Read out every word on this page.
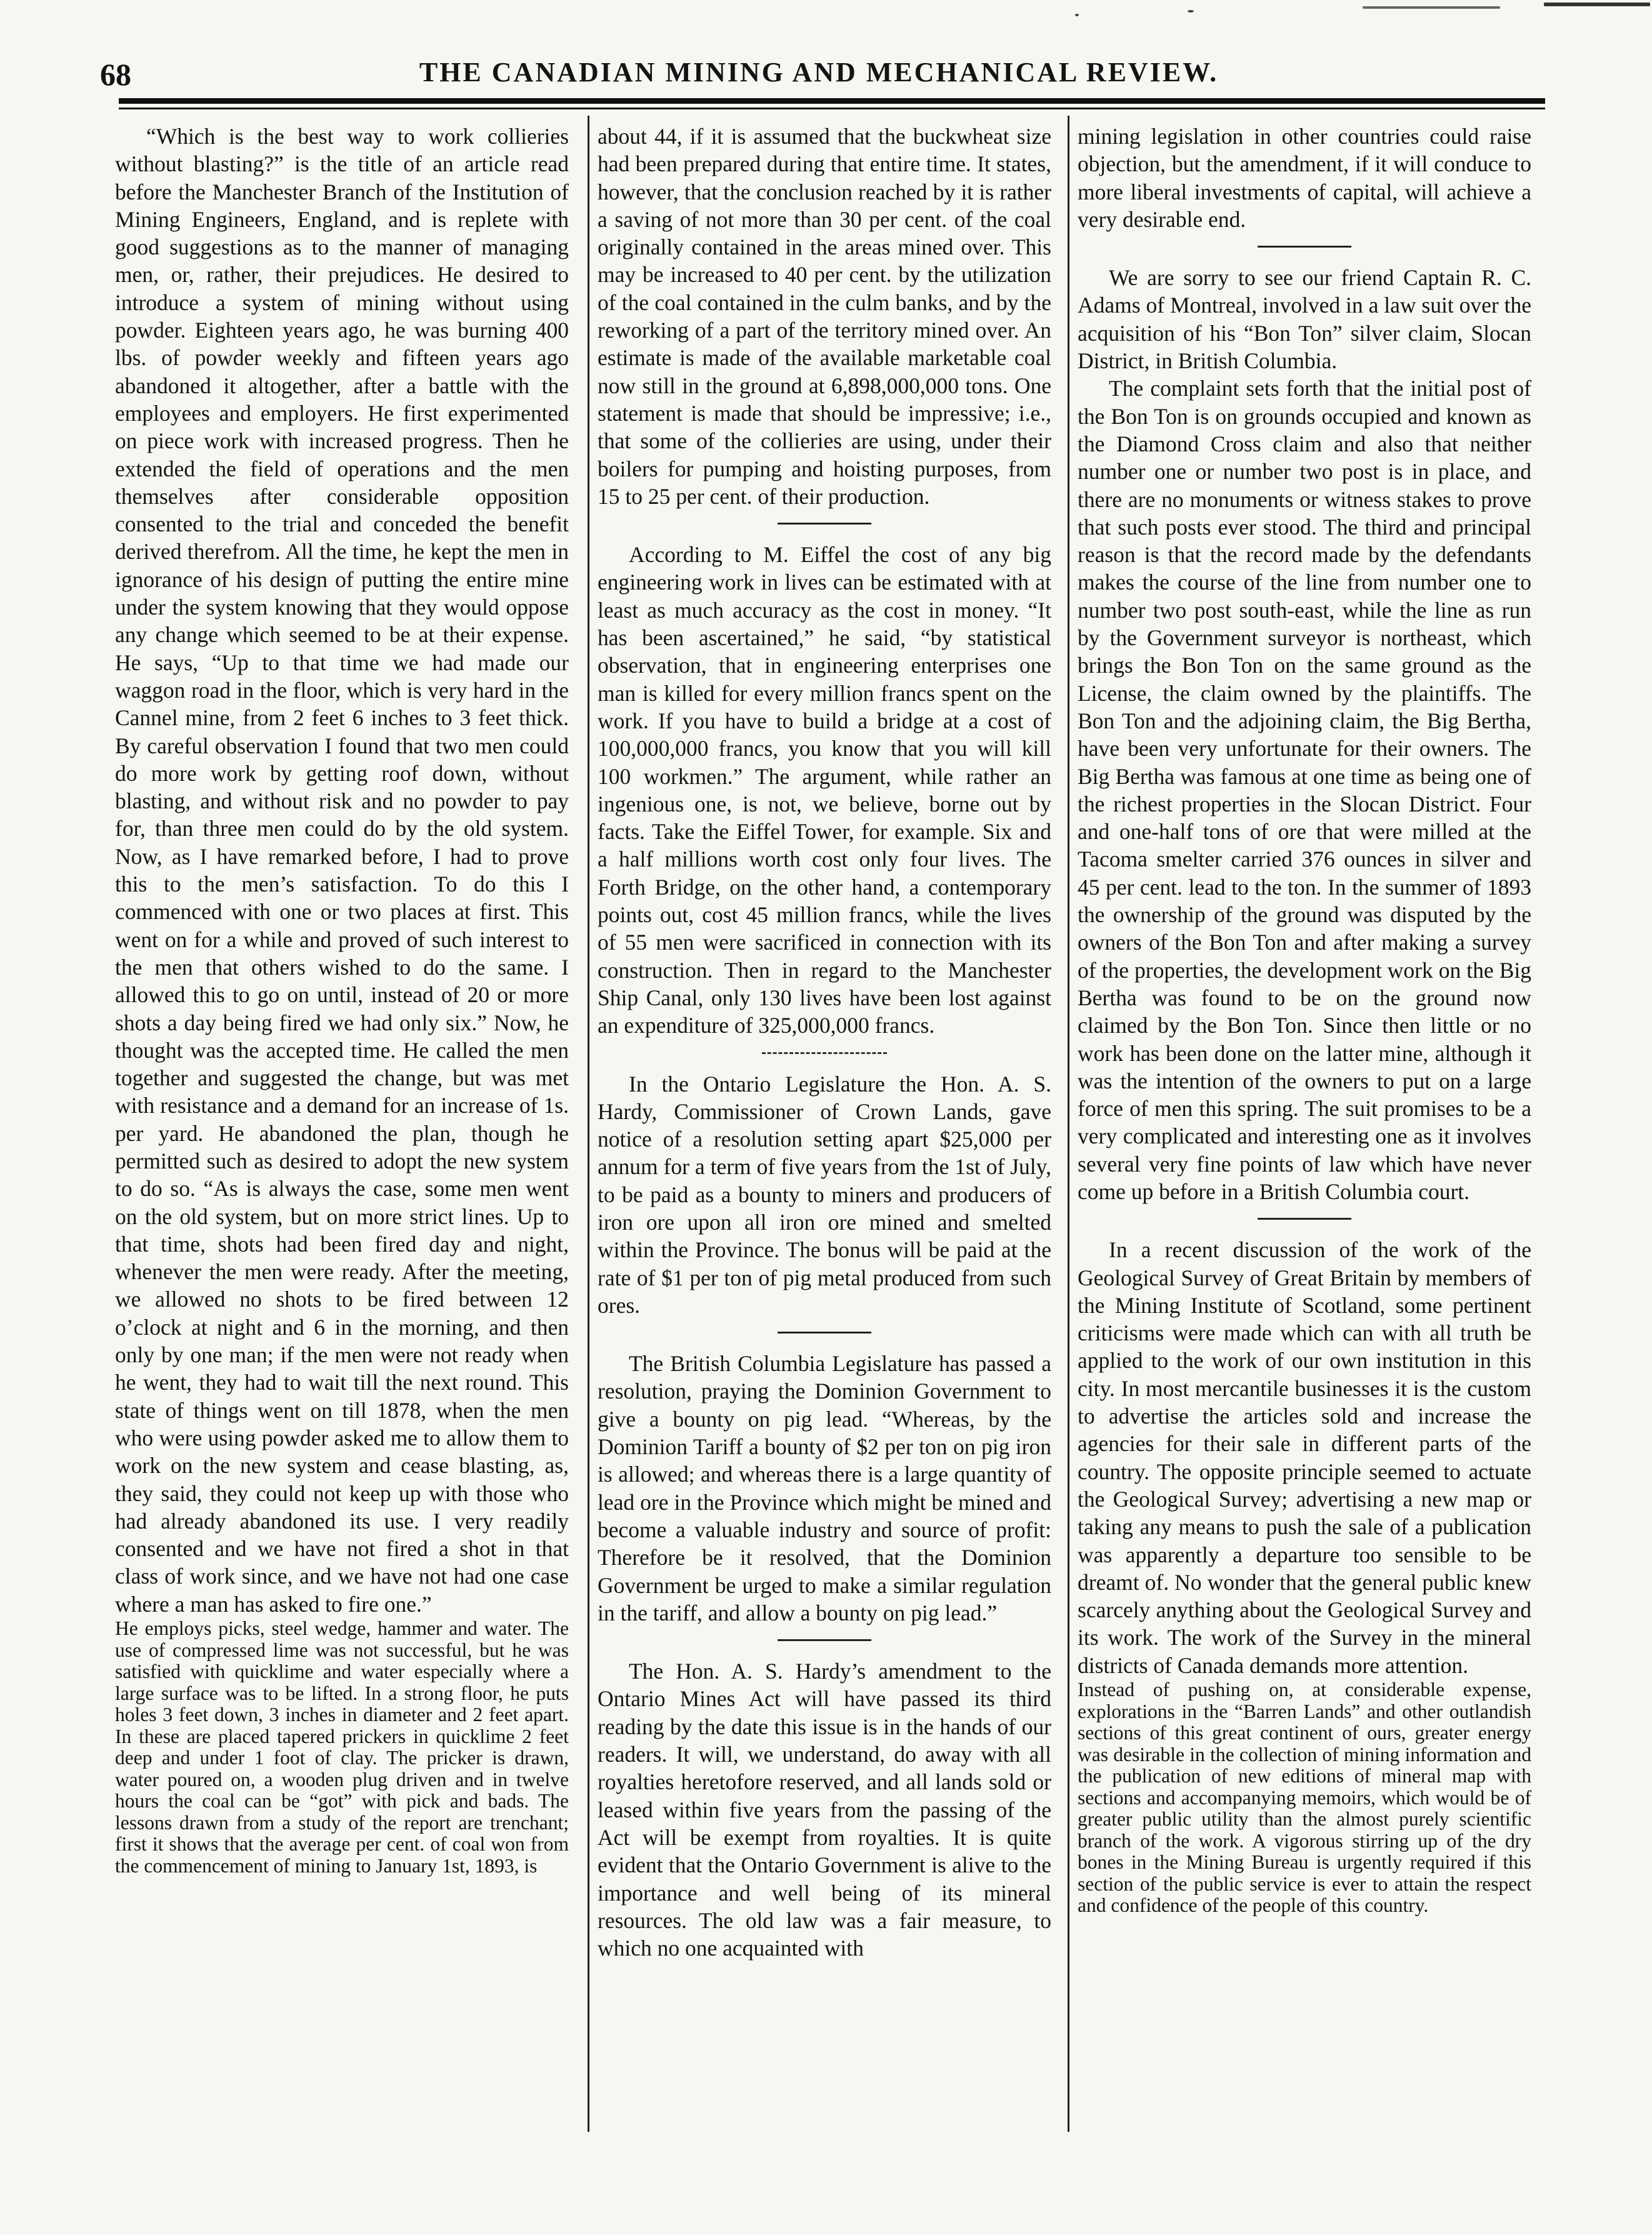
68	THE CANADIAN MINING AND MECHANICAL REVIEW.

“Which is the best way to work collieries without blasting?” is the title of an article read before the Manchester Branch of the Institution of Mining Engineers, England, and is replete with good suggestions as to the manner of managing men, or, rather, their prejudices. He desired to introduce a system of mining without using powder. Eighteen years ago, he was burning 400 lbs. of powder weekly and fifteen years ago abandoned it altogether, after a battle with the employees and employers. He first experimented on piece work with increased progress. Then he extended the field of operations and the men themselves after considerable opposition consented to the trial and conceded the benefit derived therefrom. All the time, he kept the men in ignorance of his design of putting the entire mine under the system knowing that they would oppose any change which seemed to be at their expense. He says, “Up to that time we had made our waggon road in the floor, which is very hard in the Cannel mine, from 2 feet 6 inches to 3 feet thick. By careful observation I found that two men could do more work by getting roof down, without blasting, and without risk and no powder to pay for, than three men could do by the old system. Now, as I have remarked before, I had to prove this to the men’s satisfaction. To do this I commenced with one or two places at first. This went on for a while and proved of such interest to the men that others wished to do the same. I allowed this to go on until, instead of 20 or more shots a day being fired we had only six.” Now, he thought was the accepted time. He called the men together and suggested the change, but was met with resistance and a demand for an increase of 1s. per yard. He abandoned the plan, though he permitted such as desired to adopt the new system to do so. “As is always the case, some men went on the old system, but on more strict lines. Up to that time, shots had been fired day and night, whenever the men were ready. After the meeting, we allowed no shots to be fired between 12 o’clock at night and 6 in the morning, and then only by one man; if the men were not ready when he went, they had to wait till the next round. This state of things went on till 1878, when the men who were using powder asked me to allow them to work on the new system and cease blasting, as, they said, they could not keep up with those who had already abandoned its use. I very readily consented and we have not fired a shot in that class of work since, and we have not had one case where a man has asked to fire one.”

He employs picks, steel wedge, hammer and water. The use of compressed lime was not successful, but he was satisfied with quicklime and water especially where a large surface was to be lifted. In a strong floor, he puts holes 3 feet down, 3 inches in diameter and 2 feet apart. In these are placed tapered prickers in quicklime 2 feet deep and under 1 foot of clay. The pricker is drawn, water poured on, a wooden plug driven and in twelve hours the coal can be “got” with pick and bads. The lessons drawn from a study of the report are trenchant; first it shows that the average per cent. of coal won from the commencement of mining to January 1st, 1893, is

about 44, if it is assumed that the buckwheat size had been prepared during that entire time. It states, however, that the conclusion reached by it is rather a saving of not more than 30 per cent. of the coal originally contained in the areas mined over. This may be increased to 40 per cent. by the utilization of the coal contained in the culm banks, and by the reworking of a part of the territory mined over. An estimate is made of the available marketable coal now still in the ground at 6,898,000,000 tons. One statement is made that should be impressive; i.e., that some of the collieries are using, under their boilers for pumping and hoisting purposes, from 15 to 25 per cent. of their production.

According to M. Eiffel the cost of any big engineering work in lives can be estimated with at least as much accuracy as the cost in money. “It has been ascertained,” he said, “by statistical observation, that in engineering enterprises one man is killed for every million francs spent on the work. If you have to build a bridge at a cost of 100,000,000 francs, you know that you will kill 100 workmen.” The argument, while rather an ingenious one, is not, we believe, borne out by facts. Take the Eiffel Tower, for example. Six and a half millions worth cost only four lives. The Forth Bridge, on the other hand, a contemporary points out, cost 45 million francs, while the lives of 55 men were sacrificed in connection with its construction. Then in regard to the Manchester Ship Canal, only 130 lives have been lost against an expenditure of 325,000,000 francs.

In the Ontario Legislature the Hon. A. S. Hardy, Commissioner of Crown Lands, gave notice of a resolution setting apart $25,000 per annum for a term of five years from the 1st of July, to be paid as a bounty to miners and producers of iron ore upon all iron ore mined and smelted within the Province. The bonus will be paid at the rate of $1 per ton of pig metal produced from such ores.

The British Columbia Legislature has passed a resolution, praying the Dominion Government to give a bounty on pig lead. “Whereas, by the Dominion Tariff a bounty of $2 per ton on pig iron is allowed; and whereas there is a large quantity of lead ore in the Province which might be mined and become a valuable industry and source of profit: Therefore be it resolved, that the Dominion Government be urged to make a similar regulation in the tariff, and allow a bounty on pig lead.”

The Hon. A. S. Hardy’s amendment to the Ontario Mines Act will have passed its third reading by the date this issue is in the hands of our readers. It will, we understand, do away with all royalties heretofore reserved, and all lands sold or leased within five years from the passing of the Act will be exempt from royalties. It is quite evident that the Ontario Government is alive to the importance and well being of its mineral resources. The old law was a fair measure, to which no one acquainted with

mining legislation in other countries could raise objection, but the amendment, if it will conduce to more liberal investments of capital, will achieve a very desirable end.

We are sorry to see our friend Captain R. C. Adams of Montreal, involved in a law suit over the acquisition of his “Bon Ton” silver claim, Slocan District, in British Columbia.

The complaint sets forth that the initial post of the Bon Ton is on grounds occupied and known as the Diamond Cross claim and also that neither number one or number two post is in place, and there are no monuments or witness stakes to prove that such posts ever stood. The third and principal reason is that the record made by the defendants makes the course of the line from number one to number two post south-east, while the line as run by the Government surveyor is northeast, which brings the Bon Ton on the same ground as the License, the claim owned by the plaintiffs. The Bon Ton and the adjoining claim, the Big Bertha, have been very unfortunate for their owners. The Big Bertha was famous at one time as being one of the richest properties in the Slocan District. Four and one-half tons of ore that were milled at the Tacoma smelter carried 376 ounces in silver and 45 per cent. lead to the ton. In the summer of 1893 the ownership of the ground was disputed by the owners of the Bon Ton and after making a survey of the properties, the development work on the Big Bertha was found to be on the ground now claimed by the Bon Ton. Since then little or no work has been done on the latter mine, although it was the intention of the owners to put on a large force of men this spring. The suit promises to be a very complicated and interesting one as it involves several very fine points of law which have never come up before in a British Columbia court.

In a recent discussion of the work of the Geological Survey of Great Britain by members of the Mining Institute of Scotland, some pertinent criticisms were made which can with all truth be applied to the work of our own institution in this city. In most mercantile businesses it is the custom to advertise the articles sold and increase the agencies for their sale in different parts of the country. The opposite principle seemed to actuate the Geological Survey; advertising a new map or taking any means to push the sale of a publication was apparently a departure too sensible to be dreamt of. No wonder that the general public knew scarcely anything about the Geological Survey and its work. The work of the Survey in the mineral districts of Canada demands more attention.

Instead of pushing on, at considerable expense, explorations in the “Barren Lands” and other outlandish sections of this great continent of ours, greater energy was desirable in the collection of mining information and the publication of new editions of mineral map with sections and accompanying memoirs, which would be of greater public utility than the almost purely scientific branch of the work. A vigorous stirring up of the dry bones in the Mining Bureau is urgently required if this section of the public service is ever to attain the respect and confidence of the people of this country.
